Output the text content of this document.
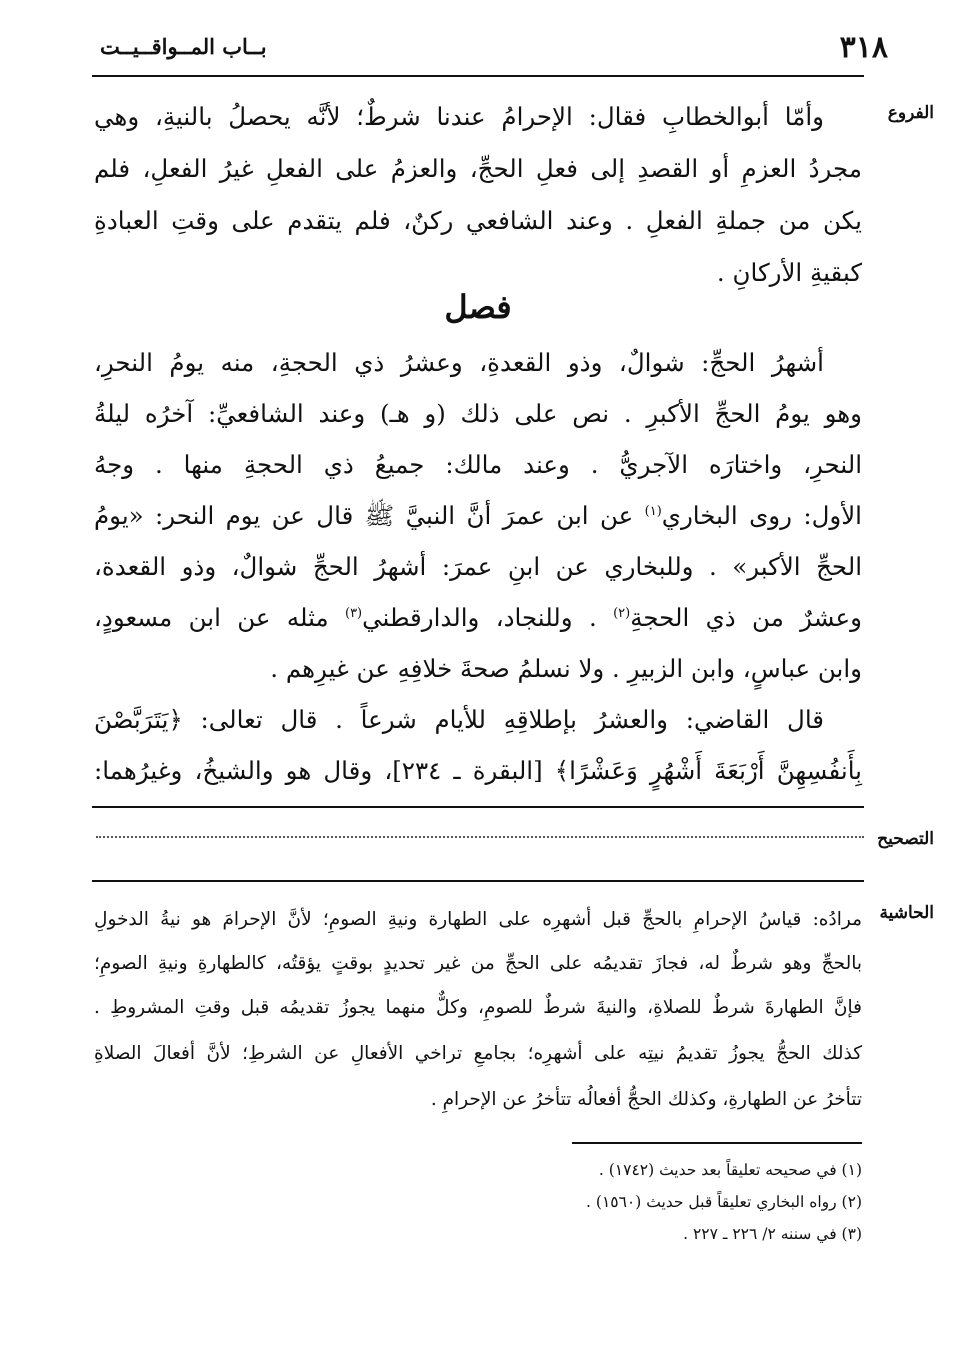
٣١٨
بــاب المــواقــيــت
الفروع
التصحيح
الحاشية
وأمّا أبوالخطابِ فقال: الإحرامُ عندنا شرطٌ؛ لأنَّه يحصلُ بالنيةِ، وهي
مجردُ العزمِ أو القصدِ إلى فعلِ الحجِّ، والعزمُ على الفعلِ غيرُ الفعلِ، فلم
يكن من جملةِ الفعلِ . وعند الشافعي ركنٌ، فلم يتقدم على وقتِ العبادةِ
كبقيةِ الأركانِ .
فصل
أشهرُ الحجِّ: شوالٌ، وذو القعدةِ، وعشرُ ذي الحجةِ، منه يومُ النحرِ،
وهو يومُ الحجِّ الأكبرِ . نص على ذلك (و هـ) وعند الشافعيِّ: آخرُه ليلةُ
النحرِ، واختارَه الآجريُّ . وعند مالك: جميعُ ذي الحجةِ منها . وجهُ
الأول: روى البخاري$^{(١)}$ عن ابن عمرَ أنَّ النبيَّ ﷺ قال عن يوم النحر: «يومُ
الحجِّ الأكبر» . وللبخاري عن ابنِ عمرَ: أشهرُ الحجِّ شوالٌ، وذو القعدة،
وعشرٌ من ذي الحجةِ$^{(٢)}$ . وللنجاد، والدارقطني$^{(٣)}$ مثله عن ابن مسعودٍ،
وابن عباسٍ، وابن الزبيرِ . ولا نسلمُ صحةَ خلافِهِ عن غيرِهم .
قال القاضي: والعشرُ بإطلاقِهِ للأيام شرعاً . قال تعالى: ﴿يَتَرَبَّصْنَ
بِأَنفُسِهِنَّ أَرْبَعَةَ أَشْهُرٍ وَعَشْرًا﴾ [البقرة ـ ٢٣٤]، وقال هو والشيخُ، وغيرُهما:
مرادُه: قياسُ الإحرامِ بالحجِّ قبل أشهرِه على الطهارة ونيةِ الصومِ؛ لأنَّ الإحرامَ هو نيةُ الدخولِ
بالحجِّ وهو شرطٌ له، فجازَ تقديمُه على الحجِّ من غير تحديدٍ بوقتٍ يؤقتُه، كالطهارةِ ونيةِ الصومِ؛
فإنَّ الطهارةَ شرطٌ للصلاةِ، والنيةَ شرطٌ للصومِ، وكلٌّ منهما يجوزُ تقديمُه قبل وقتِ المشروطِ .
كذلك الحجُّ يجوزُ تقديمُ نيتِه على أشهرِه؛ بجامعِ تراخي الأفعالِ عن الشرطِ؛ لأنَّ أفعالَ الصلاةِ
تتأخرُ عن الطهارةِ، وكذلك الحجُّ أفعالُه تتأخرُ عن الإحرامِ .
(١) في صحيحه تعليقاً بعد حديث (١٧٤٢) .
(٢) رواه البخاري تعليقاً قبل حديث (١٥٦٠) .
(٣) في سننه ٢/ ٢٢٦ ـ ٢٢٧ .
